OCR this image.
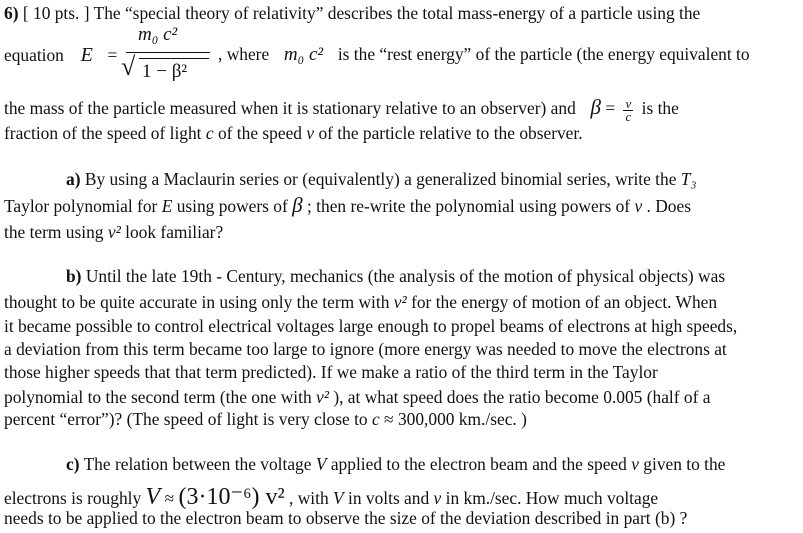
6) [ 10 pts. ] The “special theory of relativity” describes the total mass-energy of a particle using the
equation E =
m₀ c²
√ 1 − β²
, where m₀ c² is the “rest energy” of the particle (the energy equivalent to
the mass of the particle measured when it is stationary relative to an observer) and $\beta = \frac{v}{c}$ is the
fraction of the speed of light c of the speed v of the particle relative to the observer.
a) By using a Maclaurin series or (equivalently) a generalized binomial series, write the T₃
Taylor polynomial for E using powers of β ; then re-write the polynomial using powers of v . Does
the term using v² look familiar?
b) Until the late 19th - Century, mechanics (the analysis of the motion of physical objects) was
thought to be quite accurate in using only the term with v² for the energy of motion of an object. When
it became possible to control electrical voltages large enough to propel beams of electrons at high speeds,
a deviation from this term became too large to ignore (more energy was needed to move the electrons at
those higher speeds that that term predicted). If we make a ratio of the third term in the Taylor
polynomial to the second term (the one with v² ), at what speed does the ratio become 0.005 (half of a
percent “error”)? (The speed of light is very close to c ≈ 300,000 km./sec. )
c) The relation between the voltage V applied to the electron beam and the speed v given to the
electrons is roughly V ≈ (3·10⁻⁶) v² , with V in volts and v in km./sec. How much voltage
needs to be applied to the electron beam to observe the size of the deviation described in part (b) ?
